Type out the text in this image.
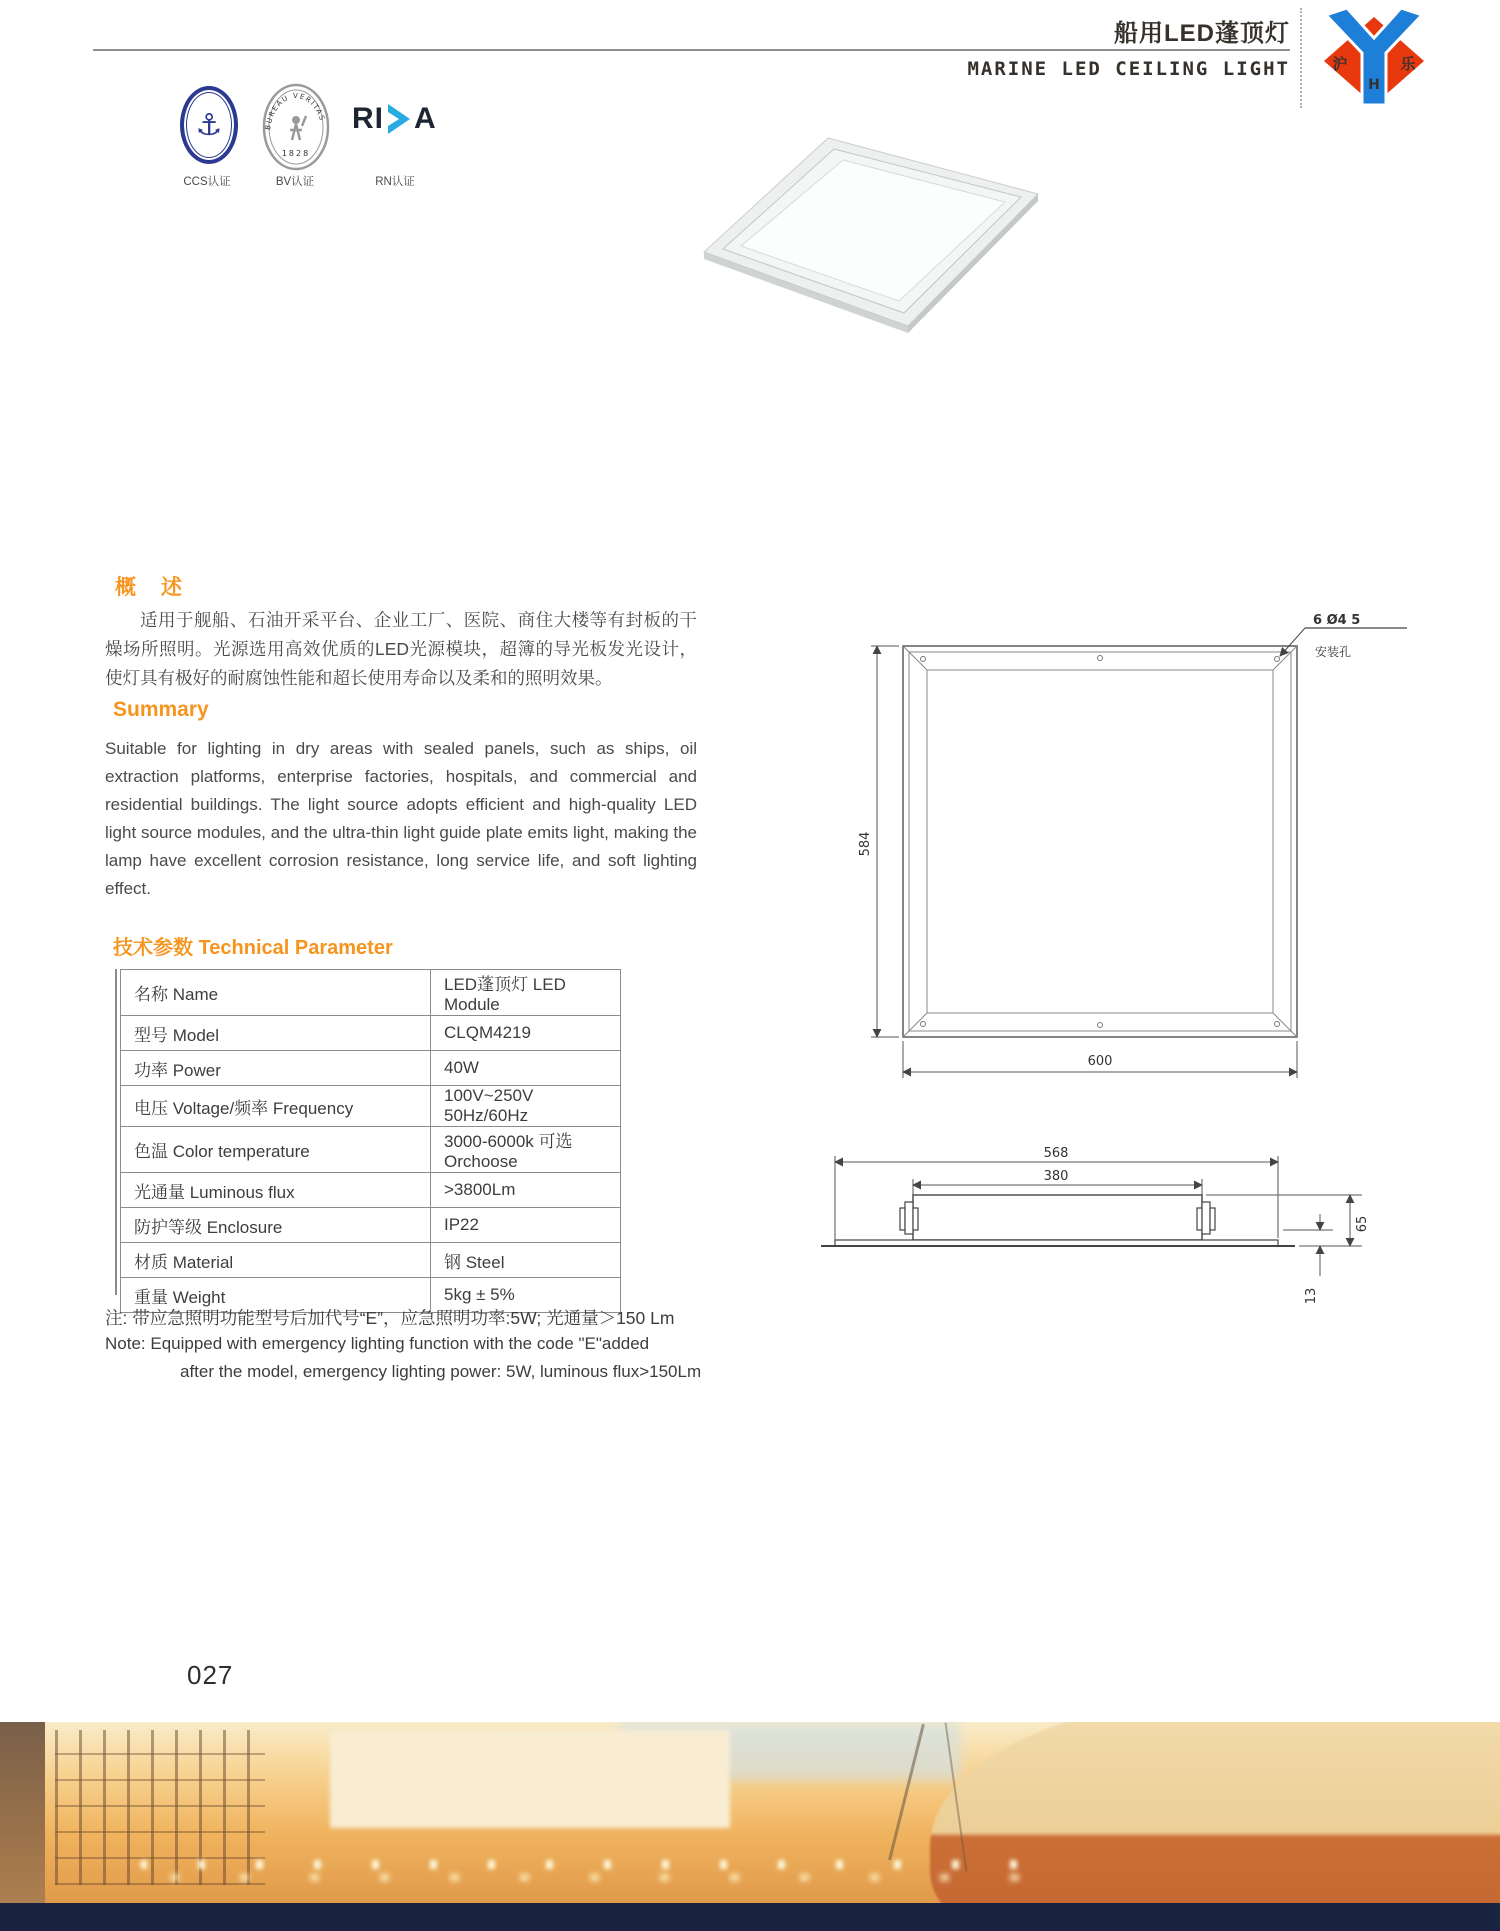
船用LED蓬顶灯
MARINE LED CEILING LIGHT	沪
H
乐
⚓
CCS认证
BUREAU VERITAS
1828
BV认证
RI A
RN认证
概　述
适用于舰船、石油开采平台、企业工厂、医院、商住大楼等有封板的干燥场所照明。光源选用高效优质的LED光源模块，超簿的导光板发光设计，使灯具有极好的耐腐蚀性能和超长使用寿命以及柔和的照明效果。
Summary
Suitable for lighting in dry areas with sealed panels, such as ships, oil extraction platforms, enterprise factories, hospitals, and commercial and residential buildings. The light source adopts efficient and high-quality LED light source modules, and the ultra-thin light guide plate emits light, making the lamp have excellent corrosion resistance, long service life, and soft lighting effect.
技术参数 Technical Parameter
名称 Name	LED蓬顶灯 LED Module
型号 Model	CLQM4219
功率 Power	40W
电压 Voltage/频率 Frequency	100V~250V 50Hz/60Hz
色温 Color temperature	3000-6000k 可选Orchoose
光通量 Luminous flux	>3800Lm
防护等级 Enclosure	IP22
材质 Material	钢 Steel
重量 Weight	5kg ± 5%
注: 带应急照明功能型号后加代号“E”，应急照明功率:5W; 光通量＞150 Lm
Note: Equipped with emergency lighting function with the code "E"added
after the model, emergency lighting power: 5W, luminous flux>150Lm
584
600
6 Ø4 5
安装孔
568
380
65
13
027
